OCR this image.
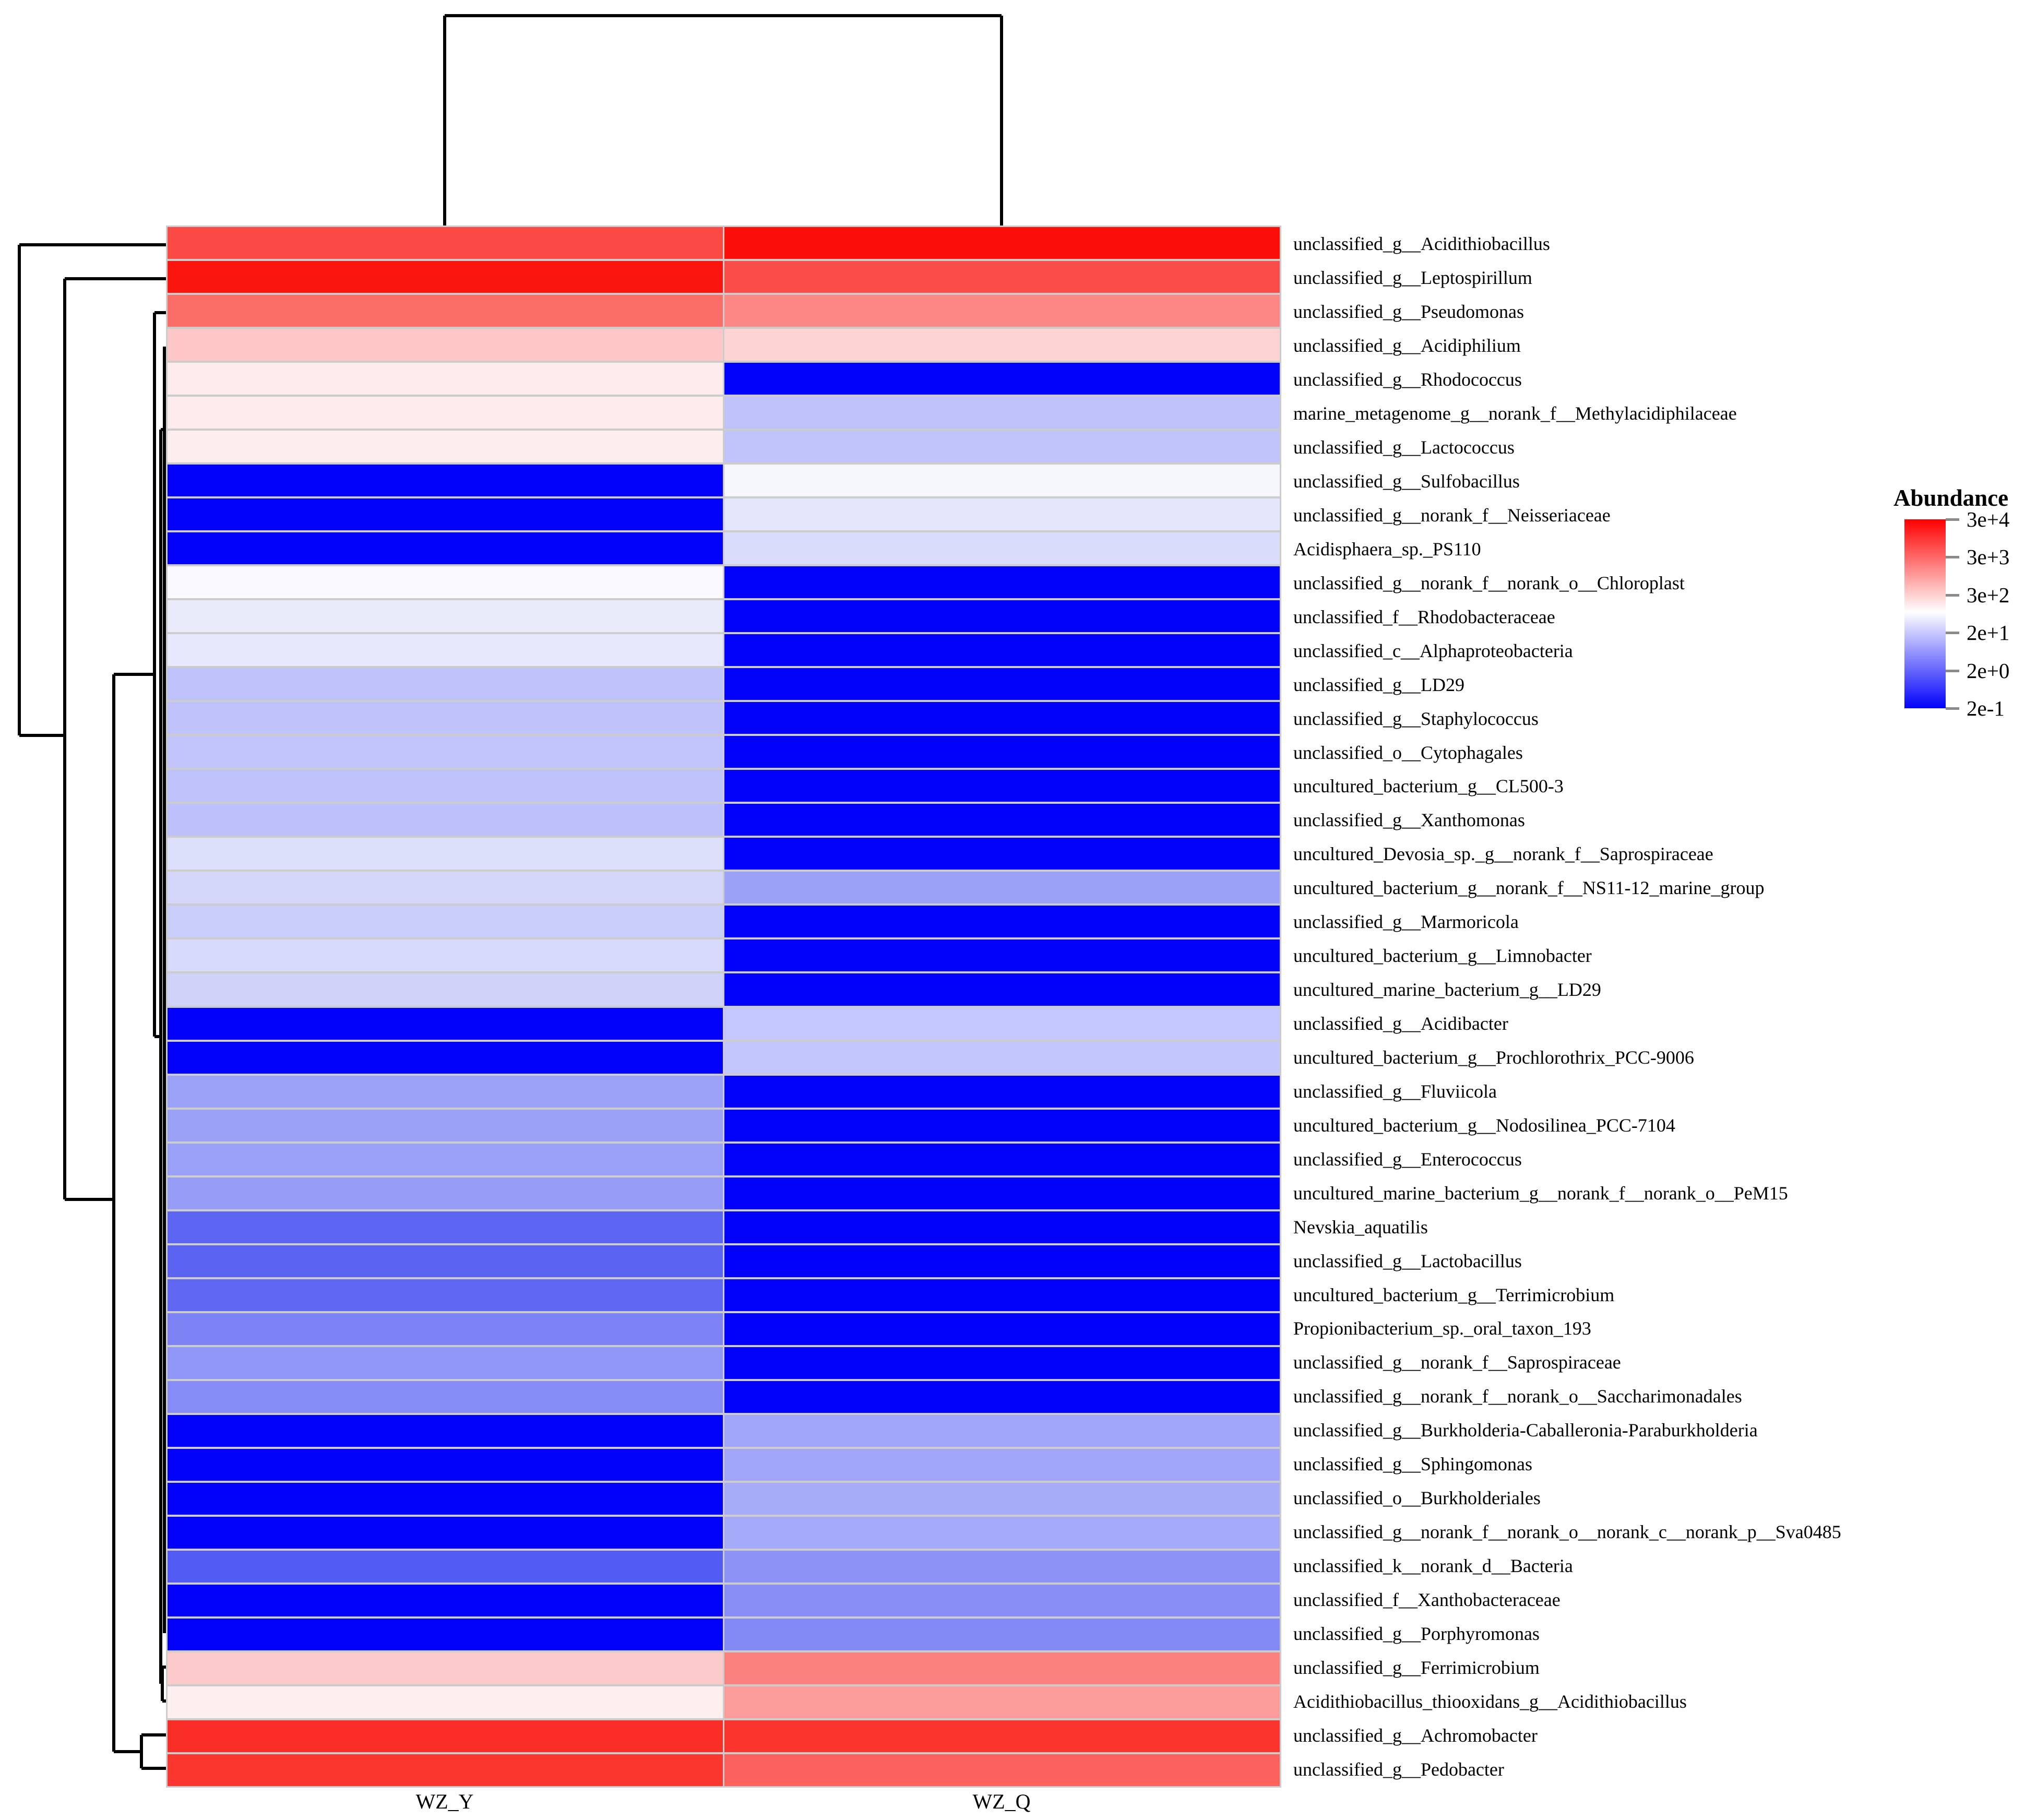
unclassified_g__Acidithiobacillus
unclassified_g__Leptospirillum
unclassified_g__Pseudomonas
unclassified_g__Acidiphilium
unclassified_g__Rhodococcus
marine_metagenome_g__norank_f__Methylacidiphilaceae
unclassified_g__Lactococcus
unclassified_g__Sulfobacillus
unclassified_g__norank_f__Neisseriaceae
Acidisphaera_sp._PS110
unclassified_g__norank_f__norank_o__Chloroplast
unclassified_f__Rhodobacteraceae
unclassified_c__Alphaproteobacteria
unclassified_g__LD29
unclassified_g__Staphylococcus
unclassified_o__Cytophagales
uncultured_bacterium_g__CL500-3
unclassified_g__Xanthomonas
uncultured_Devosia_sp._g__norank_f__Saprospiraceae
uncultured_bacterium_g__norank_f__NS11-12_marine_group
unclassified_g__Marmoricola
uncultured_bacterium_g__Limnobacter
uncultured_marine_bacterium_g__LD29
unclassified_g__Acidibacter
uncultured_bacterium_g__Prochlorothrix_PCC-9006
unclassified_g__Fluviicola
uncultured_bacterium_g__Nodosilinea_PCC-7104
unclassified_g__Enterococcus
uncultured_marine_bacterium_g__norank_f__norank_o__PeM15
Nevskia_aquatilis
unclassified_g__Lactobacillus
uncultured_bacterium_g__Terrimicrobium
Propionibacterium_sp._oral_taxon_193
unclassified_g__norank_f__Saprospiraceae
unclassified_g__norank_f__norank_o__Saccharimonadales
unclassified_g__Burkholderia-Caballeronia-Paraburkholderia
unclassified_g__Sphingomonas
unclassified_o__Burkholderiales
unclassified_g__norank_f__norank_o__norank_c__norank_p__Sva0485
unclassified_k__norank_d__Bacteria
unclassified_f__Xanthobacteraceae
unclassified_g__Porphyromonas
unclassified_g__Ferrimicrobium
Acidithiobacillus_thiooxidans_g__Acidithiobacillus
unclassified_g__Achromobacter
unclassified_g__Pedobacter
WZ_Y	WZ_Q
Abundance
3e+4
3e+3
3e+2
2e+1
2e+0
2e-1
